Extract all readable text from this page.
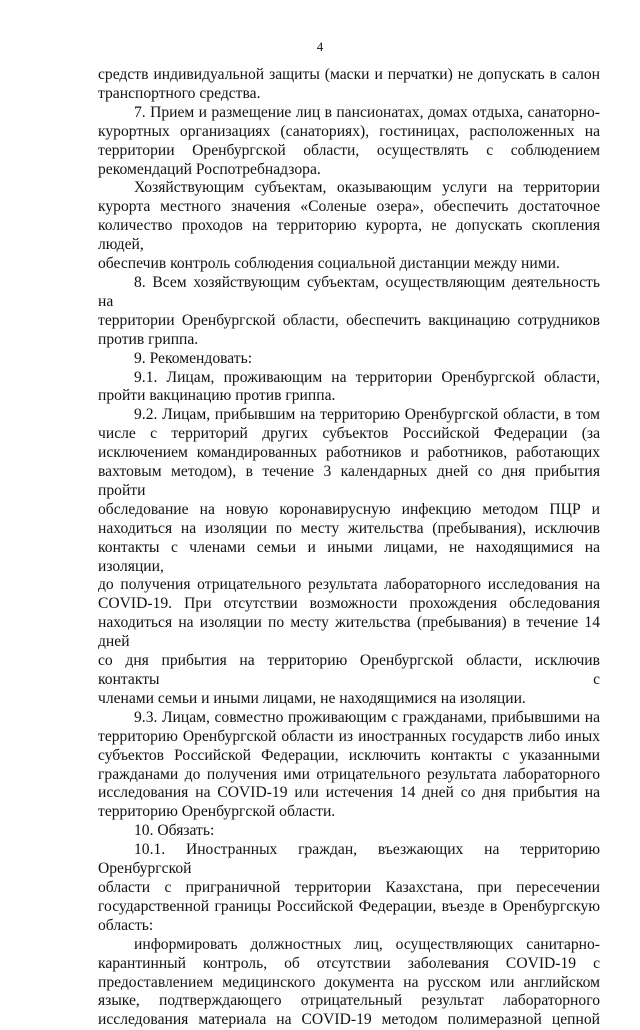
4

средств индивидуальной защиты (маски и перчатки) не допускать в салон

транспортного средства.

7. Прием и размещение лиц в пансионатах, домах отдыха, санаторно-

курортных организациях (санаториях), гостиницах, расположенных на

территории Оренбургской области, осуществлять с соблюдением

рекомендаций Роспотребнадзора.

Хозяйствующим субъектам, оказывающим услуги на территории

курорта местного значения «Соленые озера», обеспечить достаточное

количество проходов на территорию курорта, не допускать скопления людей,

обеспечив контроль соблюдения социальной дистанции между ними.

8. Всем хозяйствующим субъектам, осуществляющим деятельность на

территории Оренбургской области, обеспечить вакцинацию сотрудников

против гриппа.

9. Рекомендовать:

9.1. Лицам, проживающим на территории Оренбургской области,

пройти вакцинацию против гриппа.

9.2. Лицам, прибывшим на территорию Оренбургской области, в том

числе с территорий других субъектов Российской Федерации (за

исключением командированных работников и работников, работающих

вахтовым методом), в течение 3 календарных дней со дня прибытия пройти

обследование на новую коронавирусную инфекцию методом ПЦР и

находиться на изоляции по месту жительства (пребывания), исключив

контакты с членами семьи и иными лицами, не находящимися на изоляции,

до получения отрицательного результата лабораторного исследования на

COVID-19. При отсутствии возможности прохождения обследования

находиться на изоляции по месту жительства (пребывания) в течение 14 дней

со дня прибытия на территорию Оренбургской области, исключив контакты с

членами семьи и иными лицами, не находящимися на изоляции.

9.3. Лицам, совместно проживающим с гражданами, прибывшими на

территорию Оренбургской области из иностранных государств либо иных

субъектов Российской Федерации, исключить контакты с указанными

гражданами до получения ими отрицательного результата лабораторного

исследования на COVID-19 или истечения 14 дней со дня прибытия на

территорию Оренбургской области.

10. Обязать:

10.1. Иностранных граждан, въезжающих на территорию Оренбургской

области с приграничной территории Казахстана, при пересечении

государственной границы Российской Федерации, въезде в Оренбургскую

область:

информировать должностных лиц, осуществляющих санитарно-

карантинный контроль, об отсутствии заболевания COVID-19 с

предоставлением медицинского документа на русском или английском

языке, подтверждающего отрицательный результат лабораторного

исследования материала на COVID-19 методом полимеразной цепной
